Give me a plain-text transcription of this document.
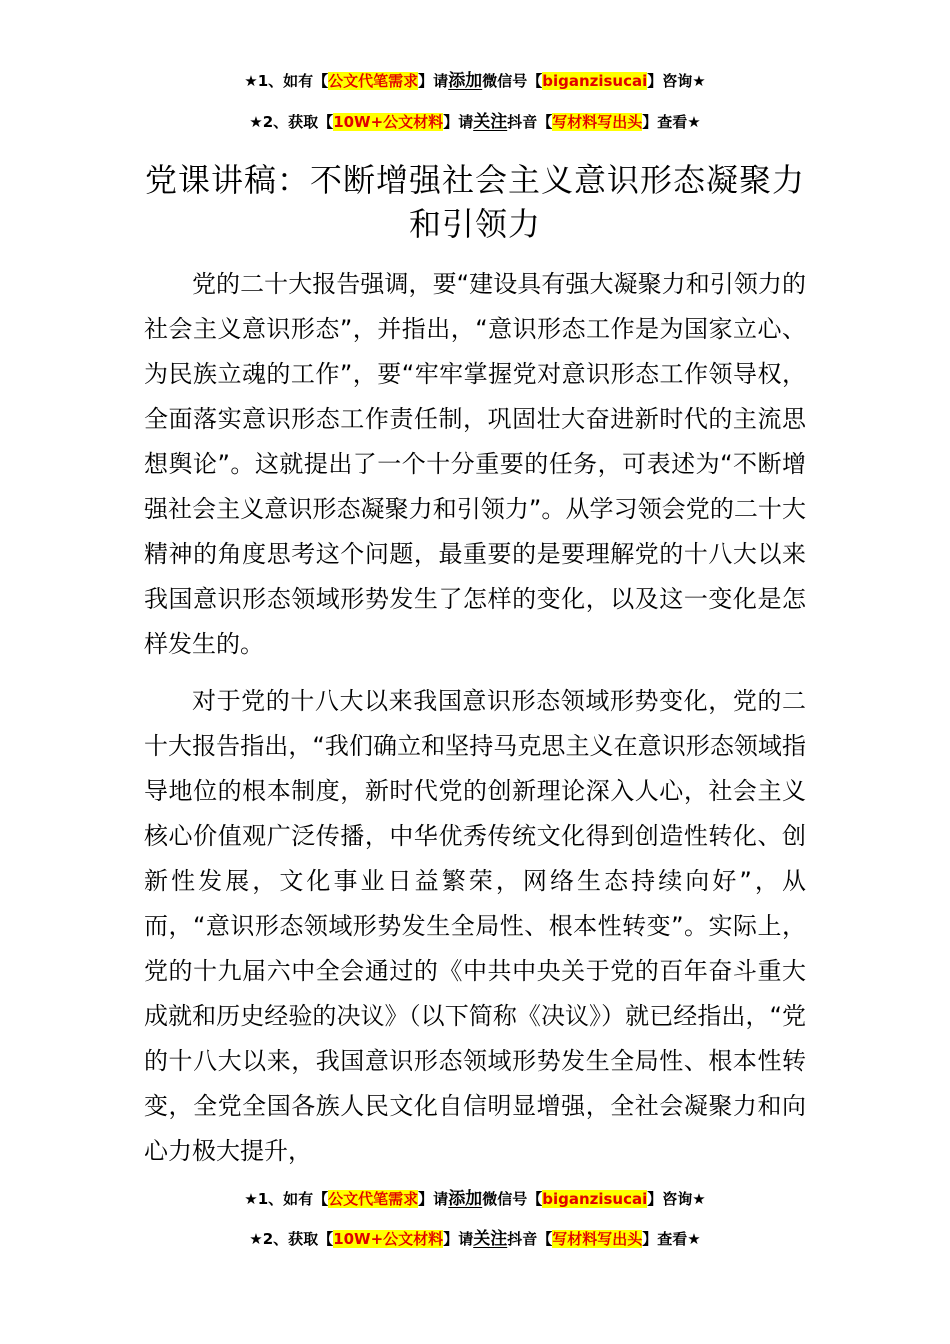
★1、如有【公文代笔需求】请添加微信号【biganzisucai】咨询★
★2、获取【10W+公文材料】请关注抖音【写材料写出头】查看★
党课讲稿：不断增强社会主义意识形态凝聚力和引领力

党的二十大报告强调，要“建设具有强大凝聚力和引领力的社会主义意识形态”，并指出，“意识形态工作是为国家立心、为民族立魂的工作”，要“牢牢掌握党对意识形态工作领导权，全面落实意识形态工作责任制，巩固壮大奋进新时代的主流思想舆论”。这就提出了一个十分重要的任务，可表述为“不断增强社会主义意识形态凝聚力和引领力”。从学习领会党的二十大精神的角度思考这个问题，最重要的是要理解党的十八大以来我国意识形态领域形势发生了怎样的变化，以及这一变化是怎样发生的。

对于党的十八大以来我国意识形态领域形势变化，党的二十大报告指出，“我们确立和坚持马克思主义在意识形态领域指导地位的根本制度，新时代党的创新理论深入人心，社会主义核心价值观广泛传播，中华优秀传统文化得到创造性转化、创新性发展，文化事业日益繁荣，网络生态持续向好”，从而，“意识形态领域形势发生全局性、根本性转变”。实际上，党的十九届六中全会通过的《中共中央关于党的百年奋斗重大成就和历史经验的决议》（以下简称《决议》）就已经指出，“党的十八大以来，我国意识形态领域形势发生全局性、根本性转变，全党全国各族人民文化自信明显增强，全社会凝聚力和向心力极大提升，

★1、如有【公文代笔需求】请添加微信号【biganzisucai】咨询★
★2、获取【10W+公文材料】请关注抖音【写材料写出头】查看★
